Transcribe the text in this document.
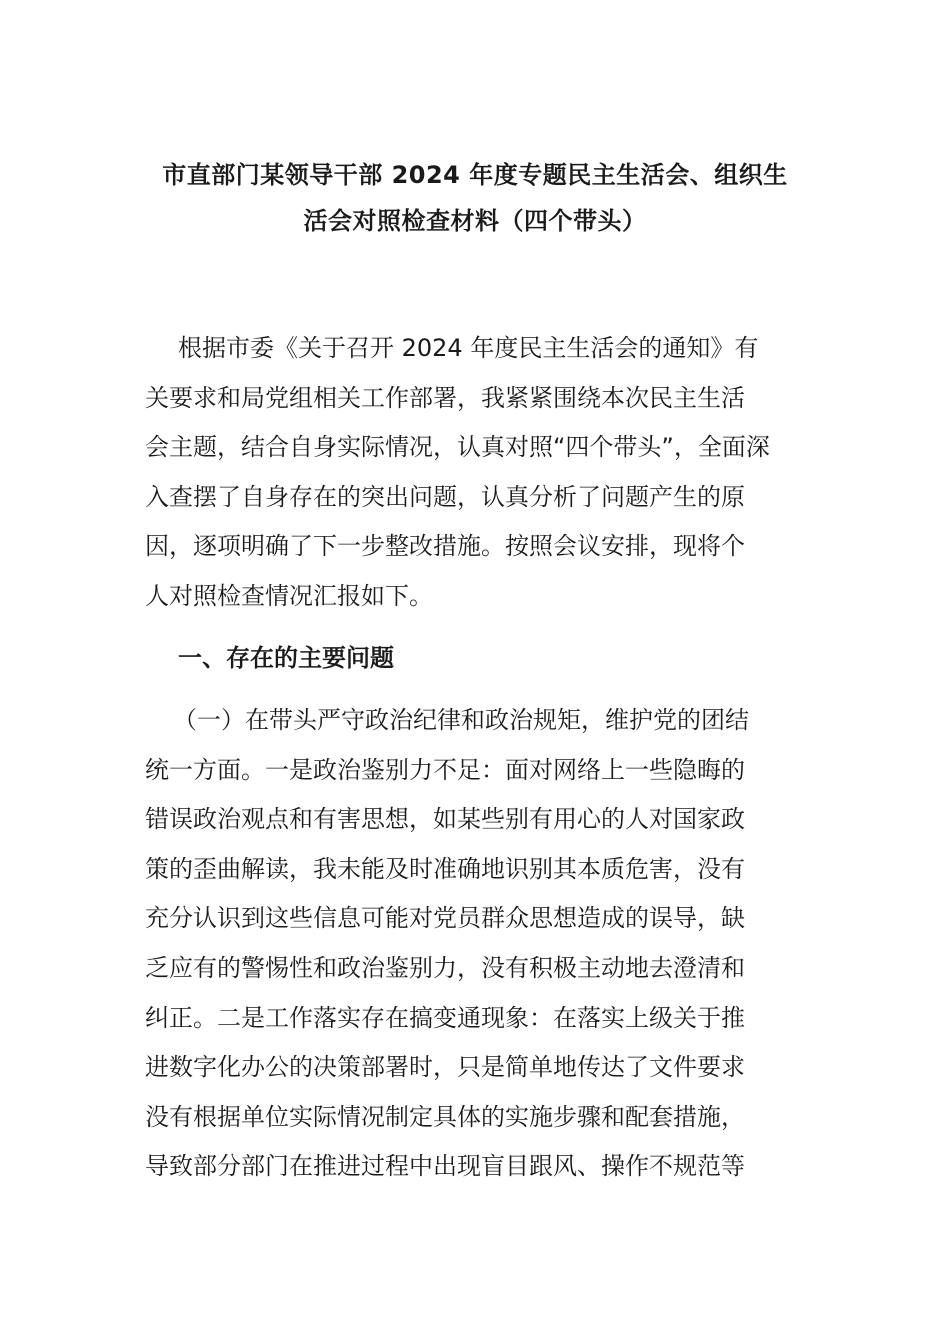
市直部门某领导干部 2024 年度专题民主生活会、组织生
活会对照检查材料（四个带头）
根据市委《关于召开 2024 年度民主生活会的通知》有
关要求和局党组相关工作部署，我紧紧围绕本次民主生活
会主题，结合自身实际情况，认真对照“四个带头”，全面深
入查摆了自身存在的突出问题，认真分析了问题产生的原
因，逐项明确了下一步整改措施。按照会议安排，现将个
人对照检查情况汇报如下。
一、存在的主要问题
（一）在带头严守政治纪律和政治规矩，维护党的团结
统一方面。一是政治鉴别力不足：面对网络上一些隐晦的
错误政治观点和有害思想，如某些别有用心的人对国家政
策的歪曲解读，我未能及时准确地识别其本质危害，没有
充分认识到这些信息可能对党员群众思想造成的误导，缺
乏应有的警惕性和政治鉴别力，没有积极主动地去澄清和
纠正。二是工作落实存在搞变通现象：在落实上级关于推
进数字化办公的决策部署时，只是简单地传达了文件要求
没有根据单位实际情况制定具体的实施步骤和配套措施，
导致部分部门在推进过程中出现盲目跟风、操作不规范等
